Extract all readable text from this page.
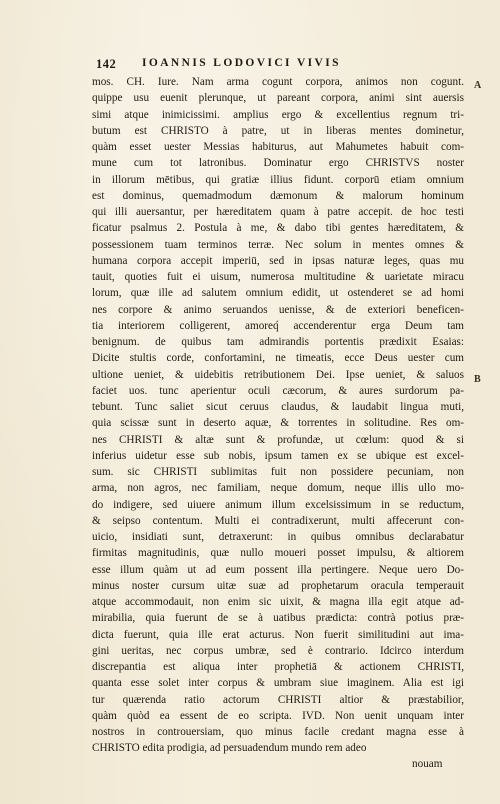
142 IOANNIS LODOVICI VIVIS
A
B
mos. CH. Iure. Nam arma cogunt corpora, animos non cogunt.
quippe usu euenit plerunque, ut pareant corpora, animi sint auersis
simi atque inimicissimi. amplius ergo & excellentius regnum tri-
butum est CHRISTO à patre, ut in liberas mentes dominetur,
quàm esset uester Messias habiturus, aut Mahumetes habuit com-
mune cum tot latronibus. Dominatur ergo CHRISTVS noster
in illorum mētibus, qui gratiæ illius fidunt. corporū etiam omnium
est dominus, quemadmodum dæmonum & malorum hominum
qui illi auersantur, per hæreditatem quam à patre accepit. de hoc testi
ficatur psalmus 2. Postula à me, & dabo tibi gentes hæreditatem, &
possessionem tuam terminos terræ. Nec solum in mentes omnes &
humana corpora accepit imperiū, sed in ipsas naturæ leges, quas mu
tauit, quoties fuit ei uisum, numerosa multitudine & uarietate miracu
lorum, quæ ille ad salutem omnium edidit, ut ostenderet se ad homi
nes corpore & animo seruandos uenisse, & de exteriori beneficen-
tia interiorem colligerent, amoreq́ accenderentur erga Deum tam
benignum. de quibus tam admirandis portentis prædixit Esaias:
Dicite stultis corde, confortamini, ne timeatis, ecce Deus uester cum
ultione ueniet, & uidebitis retributionem Dei. Ipse ueniet, & saluos
faciet uos. tunc aperientur oculi cæcorum, & aures surdorum pa-
tebunt. Tunc saliet sicut ceruus claudus, & laudabit lingua muti,
quia scissæ sunt in deserto aquæ, & torrentes in solitudine. Res om-
nes CHRISTI & altæ sunt & profundæ, ut cœlum: quod & si
inferius uidetur esse sub nobis, ipsum tamen ex se ubique est excel-
sum. sic CHRISTI sublimitas fuit non possidere pecuniam, non
arma, non agros, nec familiam, neque domum, neque illis ullo mo-
do indigere, sed uiuere animum illum excelsissimum in se reductum,
& seipso contentum. Multi ei contradixerunt, multi affecerunt con-
uicio, insidiati sunt, detraxerunt: in quibus omnibus declarabatur
firmitas magnitudinis, quæ nullo moueri posset impulsu, & altiorem
esse illum quàm ut ad eum possent illa pertingere. Neque uero Do-
minus noster cursum uitæ suæ ad prophetarum oracula temperauit
atque accommodauit, non enim sic uixit, & magna illa egit atque ad-
mirabilia, quia fuerunt de se à uatibus prædicta: contrà potius præ-
dicta fuerunt, quia ille erat acturus. Non fuerit similitudini aut ima-
gini ueritas, nec corpus umbræ, sed è contrario. Idcirco interdum
discrepantia est aliqua inter prophetiā & actionem CHRISTI,
quanta esse solet inter corpus & umbram siue imaginem. Alia est igi
tur quærenda ratio actorum CHRISTI altior & præstabilior,
quàm quòd ea essent de eo scripta. IVD. Non uenit unquam inter
nostros in controuersiam, quo minus facile credant magna esse à
CHRISTO edita prodigia, ad persuadendum mundo rem adeo
nouam
